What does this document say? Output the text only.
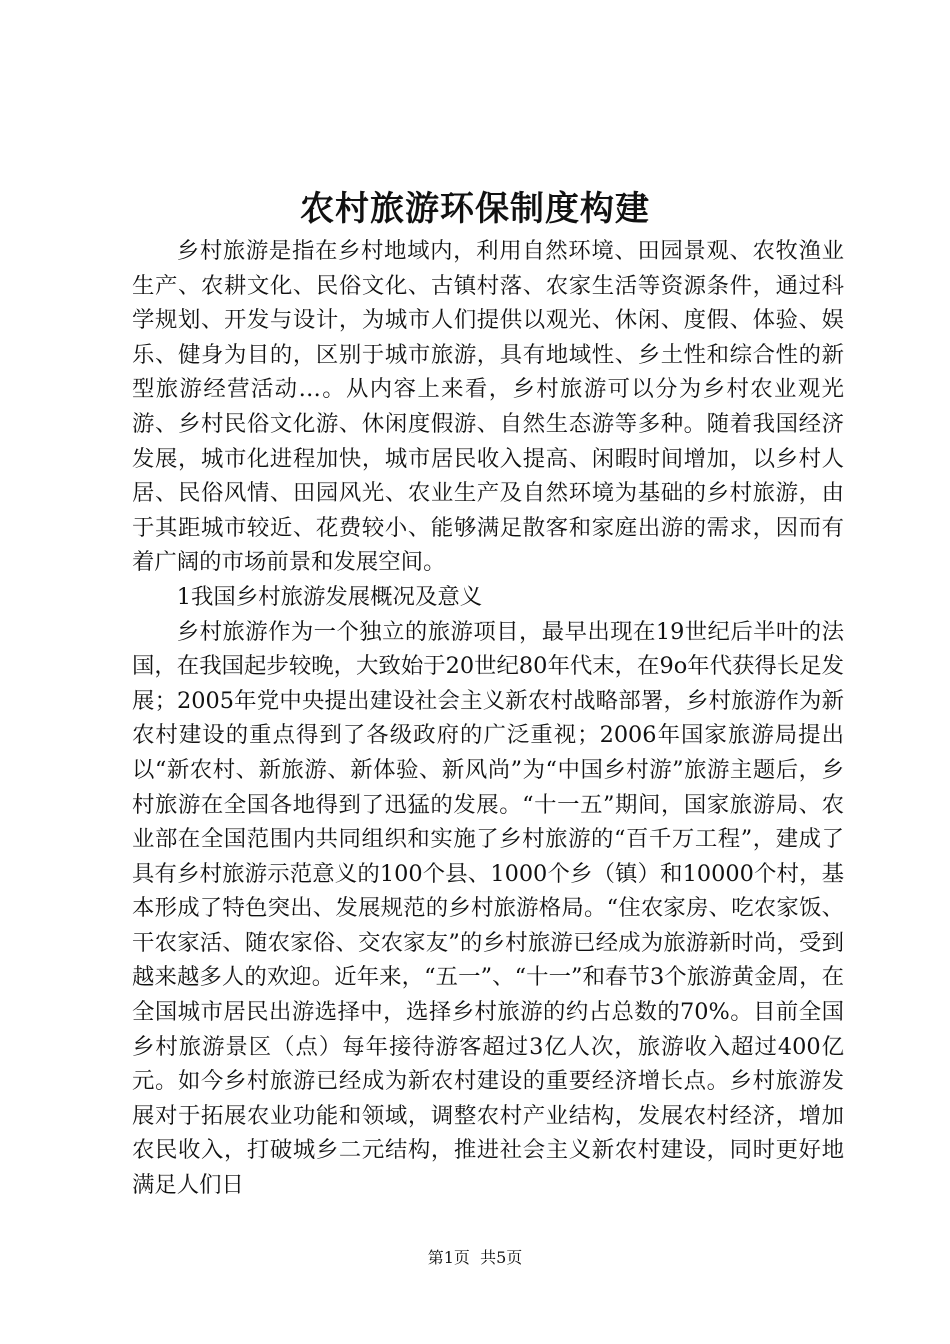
农村旅游环保制度构建

乡村旅游是指在乡村地域内，利用自然环境、田园景观、农牧渔业生产、农耕文化、民俗文化、古镇村落、农家生活等资源条件，通过科学规划、开发与设计，为城市人们提供以观光、休闲、度假、体验、娱乐、健身为目的，区别于城市旅游，具有地域性、乡土性和综合性的新型旅游经营活动…。从内容上来看，乡村旅游可以分为乡村农业观光游、乡村民俗文化游、休闲度假游、自然生态游等多种。随着我国经济发展，城市化进程加快，城市居民收入提高、闲暇时间增加，以乡村人居、民俗风情、田园风光、农业生产及自然环境为基础的乡村旅游，由于其距城市较近、花费较小、能够满足散客和家庭出游的需求，因而有着广阔的市场前景和发展空间。

1我国乡村旅游发展概况及意义

乡村旅游作为一个独立的旅游项目，最早出现在19世纪后半叶的法国，在我国起步较晚，大致始于20世纪80年代末，在9o年代获得长足发展；2005年党中央提出建设社会主义新农村战略部署，乡村旅游作为新农村建设的重点得到了各级政府的广泛重视；2006年国家旅游局提出以“新农村、新旅游、新体验、新风尚”为“中国乡村游”旅游主题后，乡村旅游在全国各地得到了迅猛的发展。“十一五”期间，国家旅游局、农业部在全国范围内共同组织和实施了乡村旅游的“百千万工程”，建成了具有乡村旅游示范意义的100个县、1000个乡（镇）和10000个村，基本形成了特色突出、发展规范的乡村旅游格局。“住农家房、吃农家饭、干农家活、随农家俗、交农家友”的乡村旅游已经成为旅游新时尚，受到越来越多人的欢迎。近年来，“五一”、“十一”和春节3个旅游黄金周，在全国城市居民出游选择中，选择乡村旅游的约占总数的70%。目前全国乡村旅游景区（点）每年接待游客超过3亿人次，旅游收入超过400亿元。如今乡村旅游已经成为新农村建设的重要经济增长点。乡村旅游发展对于拓展农业功能和领域，调整农村产业结构，发展农村经济，增加农民收入，打破城乡二元结构，推进社会主义新农村建设，同时更好地满足人们日

第1页 共5页
